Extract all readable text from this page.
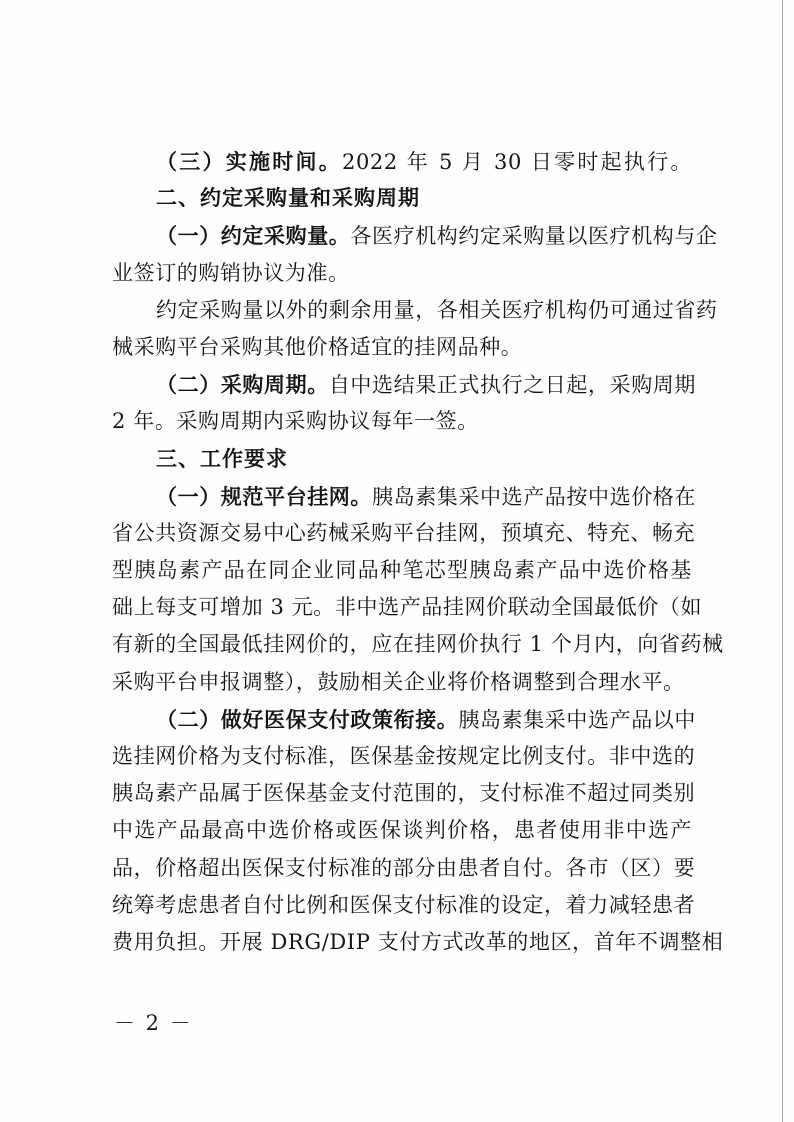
（三）实施时间。2022 年 5 月 30 日零时起执行。
二、约定采购量和采购周期
（一）约定采购量。各医疗机构约定采购量以医疗机构与企
业签订的购销协议为准。
约定采购量以外的剩余用量，各相关医疗机构仍可通过省药
械采购平台采购其他价格适宜的挂网品种。
（二）采购周期。自中选结果正式执行之日起，采购周期
2 年。采购周期内采购协议每年一签。
三、工作要求
（一）规范平台挂网。胰岛素集采中选产品按中选价格在
省公共资源交易中心药械采购平台挂网，预填充、特充、畅充
型胰岛素产品在同企业同品种笔芯型胰岛素产品中选价格基
础上每支可增加 3 元。非中选产品挂网价联动全国最低价（如
有新的全国最低挂网价的，应在挂网价执行 1 个月内，向省药械
采购平台申报调整），鼓励相关企业将价格调整到合理水平。
（二）做好医保支付政策衔接。胰岛素集采中选产品以中
选挂网价格为支付标准，医保基金按规定比例支付。非中选的
胰岛素产品属于医保基金支付范围的，支付标准不超过同类别
中选产品最高中选价格或医保谈判价格，患者使用非中选产
品，价格超出医保支付标准的部分由患者自付。各市（区）要
统筹考虑患者自付比例和医保支付标准的设定，着力减轻患者
费用负担。开展 DRG/DIP 支付方式改革的地区，首年不调整相
－ 2 －
